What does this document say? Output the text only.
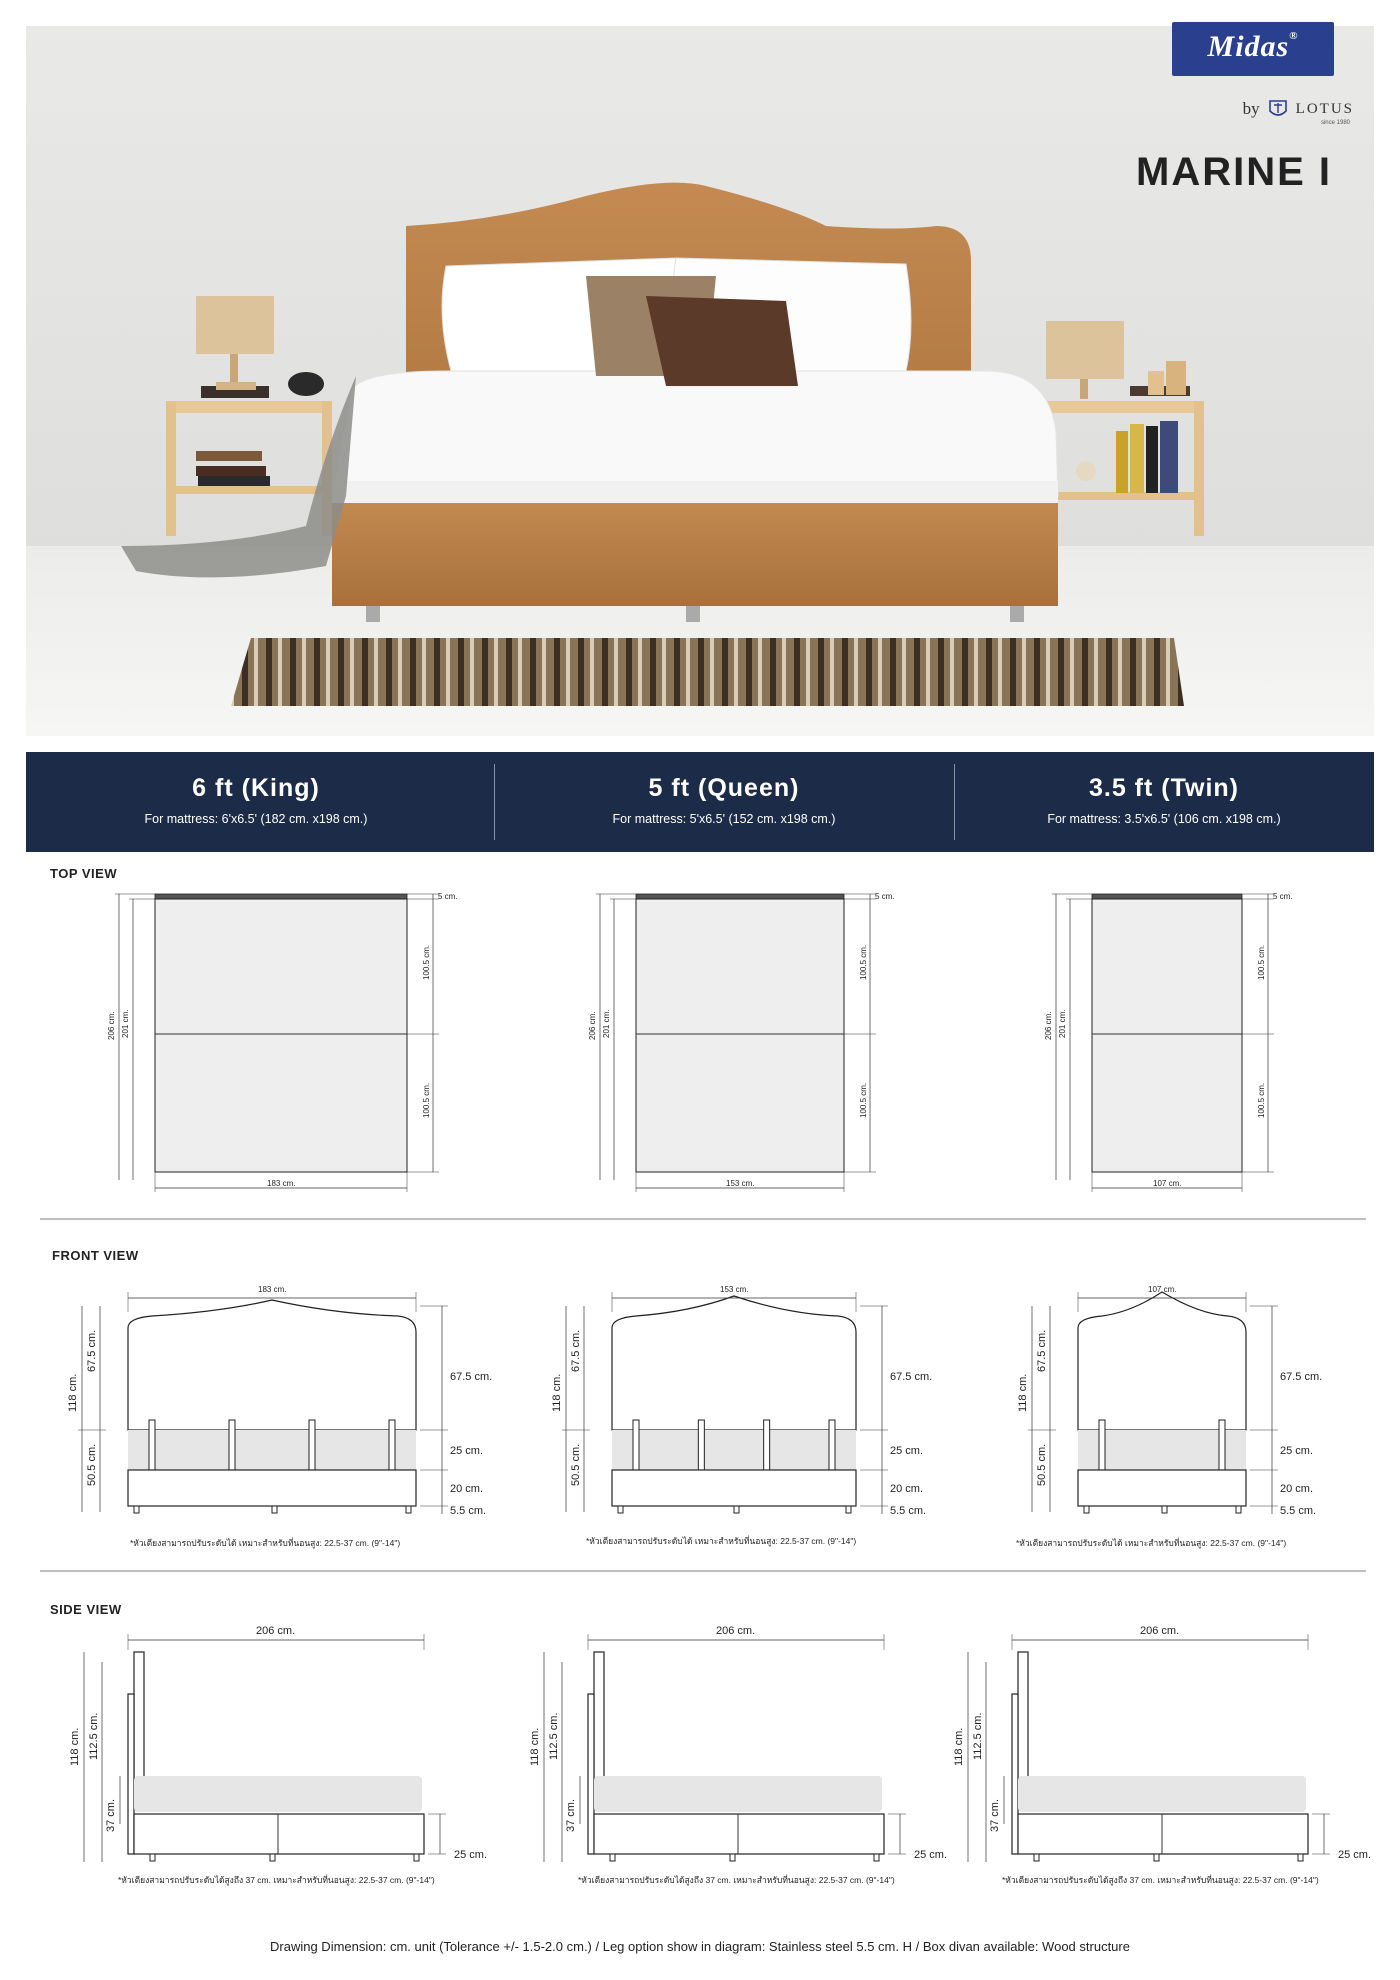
Midas®
by LOTUS
since 1980
MARINE I
6 ft (King)
For mattress: 6'x6.5' (182 cm. x198 cm.)
5 ft (Queen)
For mattress: 5'x6.5' (152 cm. x198 cm.)
3.5 ft (Twin)
For mattress: 3.5'x6.5' (106 cm. x198 cm.)
TOP VIEW
206 cm. 201 cm.
5 cm.
100.5 cm.
100.5 cm.
183 cm.
206 cm. 201 cm.
5 cm.
100.5 cm.
100.5 cm.
153 cm.
206 cm. 201 cm.
5 cm.
100.5 cm.
100.5 cm.
107 cm.
FRONT VIEW
183 cm.
118 cm.
67.5 cm.
50.5 cm.
67.5 cm.
25 cm.
20 cm.
5.5 cm.
153 cm.
118 cm.
67.5 cm.
50.5 cm.
67.5 cm.
25 cm.
20 cm.
5.5 cm.
107 cm.
118 cm.
67.5 cm.
50.5 cm.
67.5 cm.
25 cm.
20 cm.
5.5 cm.
*หัวเตียงสามารถปรับระดับได้ เหมาะสำหรับที่นอนสูง: 22.5-37 cm. (9"-14")	*หัวเตียงสามารถปรับระดับได้ เหมาะสำหรับที่นอนสูง: 22.5-37 cm. (9"-14")	*หัวเตียงสามารถปรับระดับได้ เหมาะสำหรับที่นอนสูง: 22.5-37 cm. (9"-14")
SIDE VIEW
206 cm.
118 cm. 112.5 cm.
37 cm.
25 cm.
206 cm.
118 cm. 112.5 cm.
37 cm.
25 cm.
206 cm.
118 cm. 112.5 cm.
37 cm.
25 cm.
*หัวเตียงสามารถปรับระดับได้สูงถึง 37 cm. เหมาะสำหรับที่นอนสูง: 22.5-37 cm. (9"-14")	*หัวเตียงสามารถปรับระดับได้สูงถึง 37 cm. เหมาะสำหรับที่นอนสูง: 22.5-37 cm. (9"-14")	*หัวเตียงสามารถปรับระดับได้สูงถึง 37 cm. เหมาะสำหรับที่นอนสูง: 22.5-37 cm. (9"-14")
Drawing Dimension: cm. unit (Tolerance +/- 1.5-2.0 cm.) / Leg option show in diagram: Stainless steel 5.5 cm. H / Box divan available: Wood structure
